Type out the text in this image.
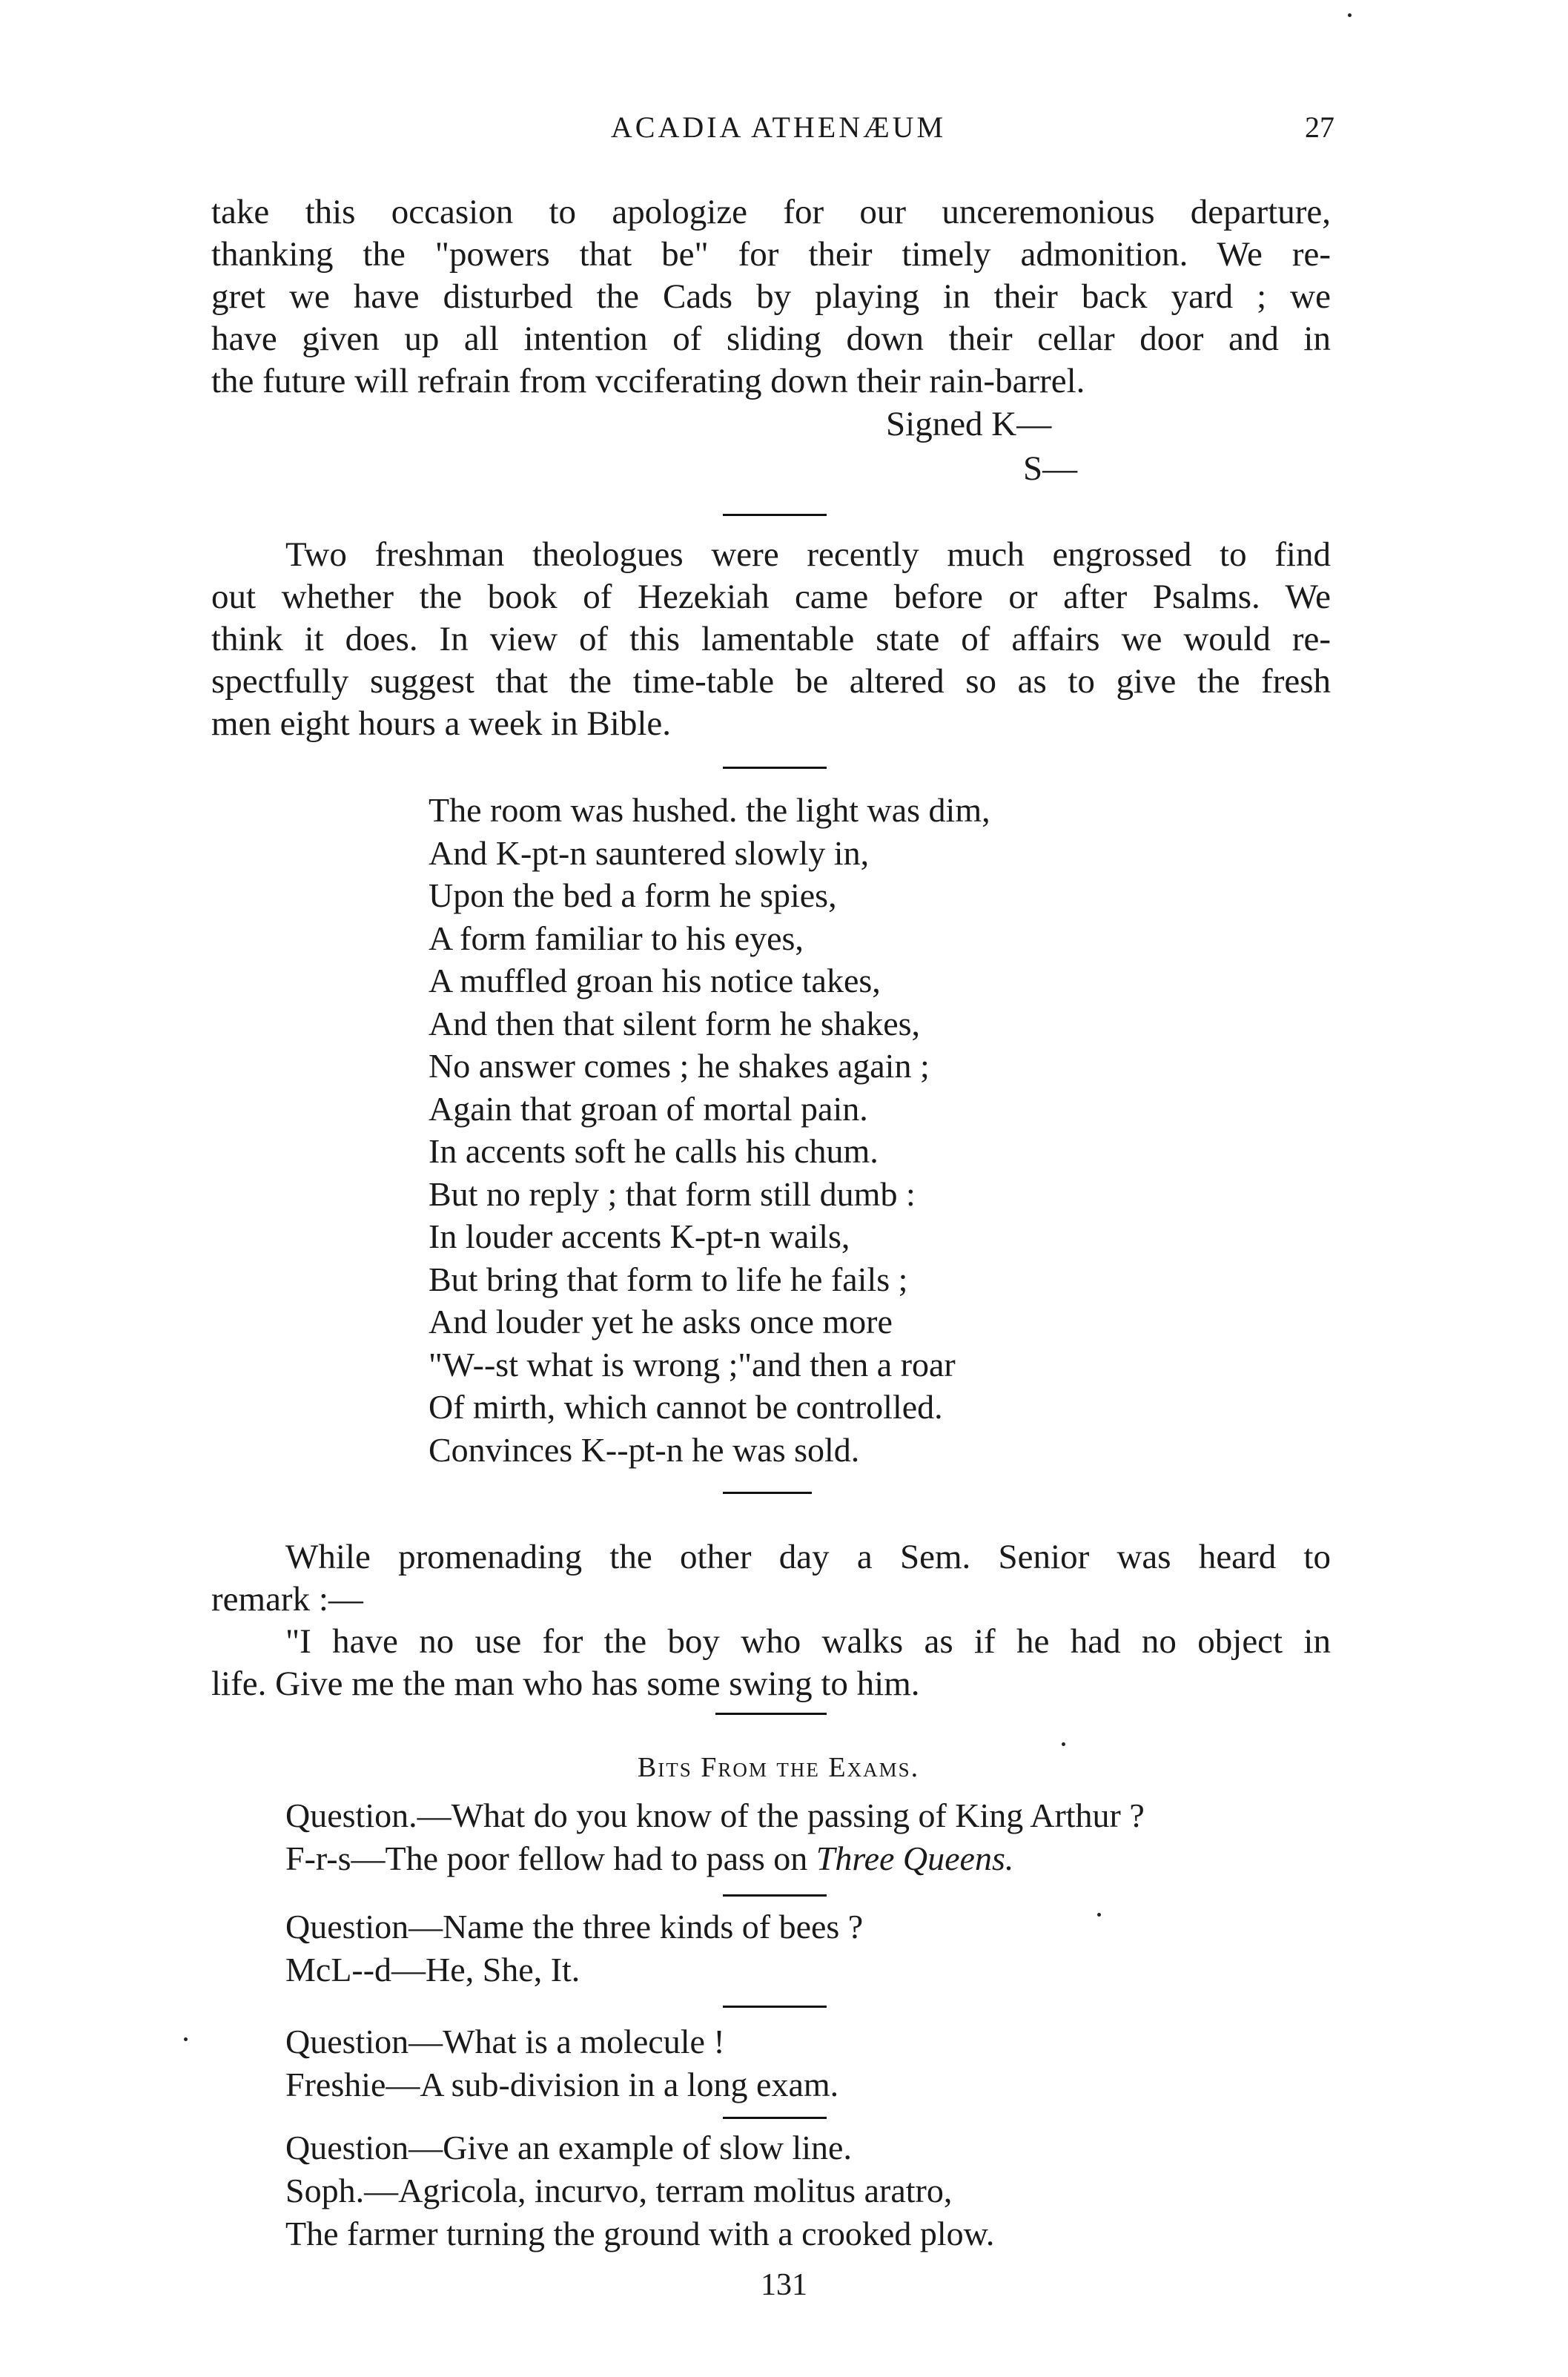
ACADIA ATHENÆUM	27
take this occasion to apologize for our unceremonious departure,
thanking the "powers that be" for their timely admonition. We re-
gret we have disturbed the Cads by playing in their back yard ; we
have given up all intention of sliding down their cellar door and in
the future will refrain from vcciferating down their rain-barrel.
Signed K—
S—
Two freshman theologues were recently much engrossed to find
out whether the book of Hezekiah came before or after Psalms. We
think it does. In view of this lamentable state of affairs we would re-
spectfully suggest that the time-table be altered so as to give the fresh
men eight hours a week in Bible.
The room was hushed. the light was dim,
And K-pt-n sauntered slowly in,
Upon the bed a form he spies,
A form familiar to his eyes,
A muffled groan his notice takes,
And then that silent form he shakes,
No answer comes ; he shakes again ;
Again that groan of mortal pain.
In accents soft he calls his chum.
But no reply ; that form still dumb :
In louder accents K-pt-n wails,
But bring that form to life he fails ;
And louder yet he asks once more
"W--st what is wrong ;"and then a roar
Of mirth, which cannot be controlled.
Convinces K--pt-n he was sold.
While promenading the other day a Sem. Senior was heard to
remark :—
"I have no use for the boy who walks as if he had no object in
life. Give me the man who has some swing to him.
Bits From the Exams.
Question.—What do you know of the passing of King Arthur ?
F-r-s—The poor fellow had to pass on Three Queens.
Question—Name the three kinds of bees ?
McL--d—He, She, It.
Question—What is a molecule !
Freshie—A sub-division in a long exam.
Question—Give an example of slow line.
Soph.—Agricola, incurvo, terram molitus aratro,
The farmer turning the ground with a crooked plow.
131
